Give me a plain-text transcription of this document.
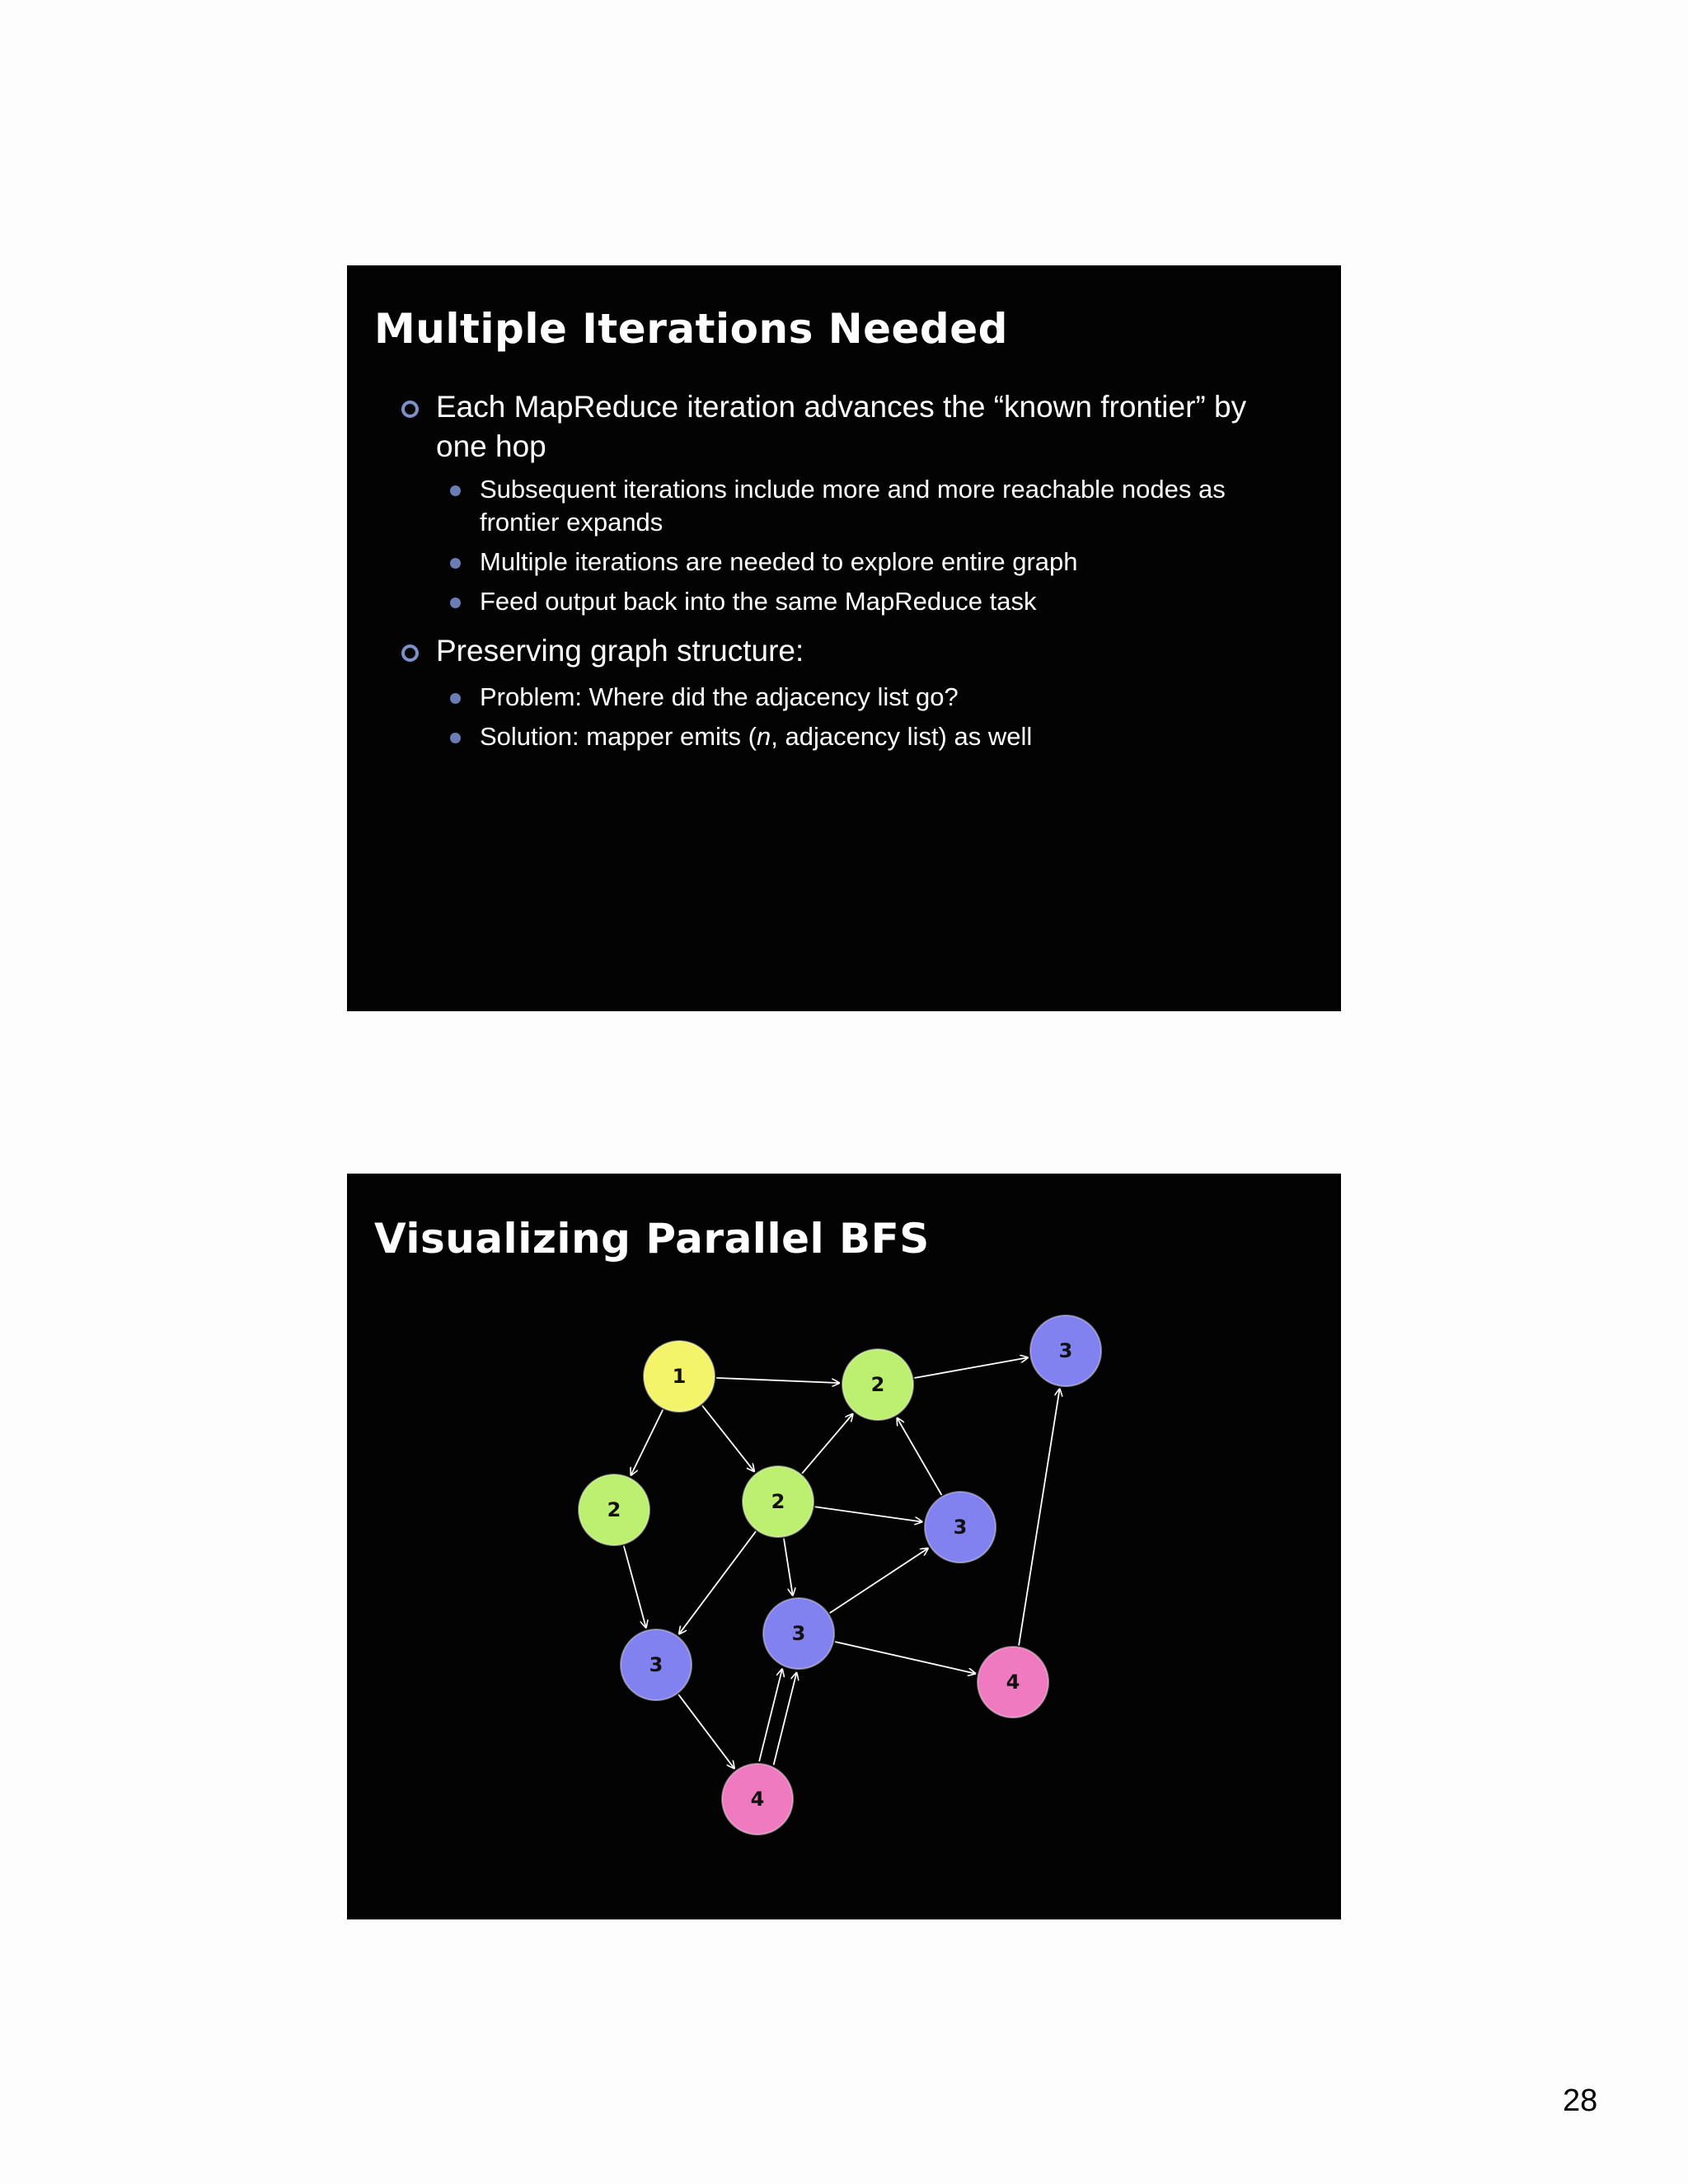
Multiple Iterations Needed
Each MapReduce iteration advances the “known frontier” by one hop
Subsequent iterations include more and more reachable nodes as frontier expands
Multiple iterations are needed to explore entire graph
Feed output back into the same MapReduce task
Preserving graph structure:
Problem: Where did the adjacency list go?
Solution: mapper emits (n, adjacency list) as well
Visualizing Parallel BFS
1	2
3
2	2
3
3
3
4
4
28
